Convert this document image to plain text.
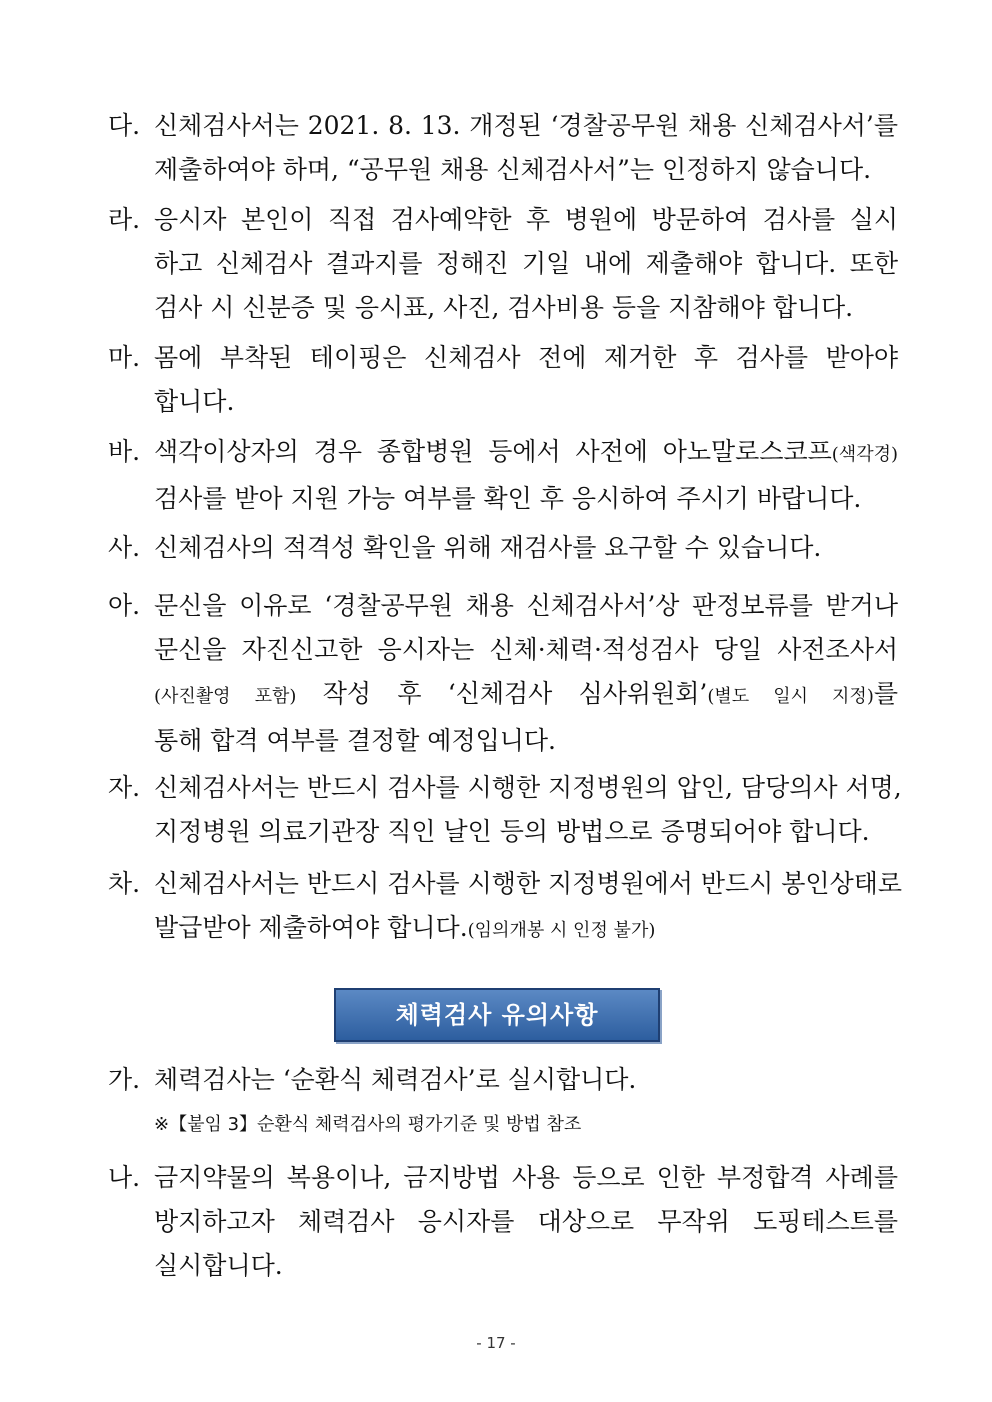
다. 신체검사서는 2021. 8. 13. 개정된 ‘경찰공무원 채용 신체검사서’를
제출하여야 하며, “공무원 채용 신체검사서”는 인정하지 않습니다.
라. 응시자 본인이 직접 검사예약한 후 병원에 방문하여 검사를 실시
하고 신체검사 결과지를 정해진 기일 내에 제출해야 합니다. 또한
검사 시 신분증 및 응시표, 사진, 검사비용 등을 지참해야 합니다.
마. 몸에 부착된 테이핑은 신체검사 전에 제거한 후 검사를 받아야
합니다.
바. 색각이상자의 경우 종합병원 등에서 사전에 아노말로스코프(색각경)
검사를 받아 지원 가능 여부를 확인 후 응시하여 주시기 바랍니다.
사. 신체검사의 적격성 확인을 위해 재검사를 요구할 수 있습니다.
아. 문신을 이유로 ‘경찰공무원 채용 신체검사서’상 판정보류를 받거나
문신을 자진신고한 응시자는 신체·체력·적성검사 당일 사전조사서
(사진촬영 포함) 작성 후 ‘신체검사 심사위원회’(별도 일시 지정)를
통해 합격 여부를 결정할 예정입니다.
자. 신체검사서는 반드시 검사를 시행한 지정병원의 압인, 담당의사 서명,
지정병원 의료기관장 직인 날인 등의 방법으로 증명되어야 합니다.
차. 신체검사서는 반드시 검사를 시행한 지정병원에서 반드시 봉인상태로
발급받아 제출하여야 합니다.(임의개봉 시 인정 불가)
체력검사 유의사항
가. 체력검사는 ‘순환식 체력검사’로 실시합니다.
※【붙임 3】순환식 체력검사의 평가기준 및 방법 참조
나. 금지약물의 복용이나, 금지방법 사용 등으로 인한 부정합격 사례를
방지하고자 체력검사 응시자를 대상으로 무작위 도핑테스트를
실시합니다.
- 17 -
